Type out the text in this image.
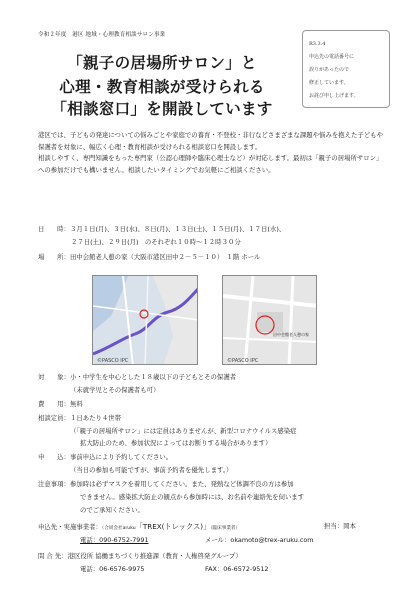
令和２年度　港区 地域・心理教育相談サロン事業
R3.3.4
申込先の電話番号に
誤りがあったので
修正しています。
お詫び申し上げます。
「親子の居場所サロン」と
心理・教育相談が受けられる
「相談窓口」を開設しています

港区では、子どもの発達についての悩みごとや家庭での養育・不登校・非行などさまざまな課題や悩みを抱えた子どもや保護者を対象に、幅広く心理・教育相談が受けられる相談窓口を開設します。

相談しやすく、専門知識をもった専門家（公認心理師や臨床心理士など）が対応します。最初は「親子の居場所サロン」への参加だけでも構いません。相談したいタイミングでお気軽にご相談ください。

日　　時：３月１日(月)、３日(水)、８日(月)、１３日(土)、１５日(月)、１７日(水)、
２７日(土)、２９日(月)　のそれぞれ１０時〜１２時３０分
場　　所：田中会館老人憩の家（大阪市港区田中２－５－１０）　１階 ホール
©PASCO IPC
田中会館老人憩の家
©PASCO IPC
対　　象：小・中学生を中心とした１８歳以下の子どもとその保護者
（未就学児とその保護者も可）
費　　用：無料
相談定員：１日あたり４世帯
（「親子の居場所サロン」には定員はありませんが、新型コロナウイルス感染症
拡大防止のため、参加状況によってはお断りする場合があります）
申　　込：事前申込により予約してください。
（当日の参加も可能ですが、事前予約者を優先します。）
注意事項：参加時は必ずマスクを着用してください。また、発熱など体調不良の方は参加
できません。感染拡大防止の観点から参加時には、お名前や連絡先を伺います
のでご承知ください。
申込先・実施事業者：（合同会社aruku「TREX(トレックス)」（臨床事業者）	担当：岡本
電話：090-6752-7991	メール：okamoto@trex-aruku.com
問 合 先：港区役所 協働まちづくり推進課（教育・人権啓発グループ）
電話：06-6576-9975	FAX：06-6572-9512
